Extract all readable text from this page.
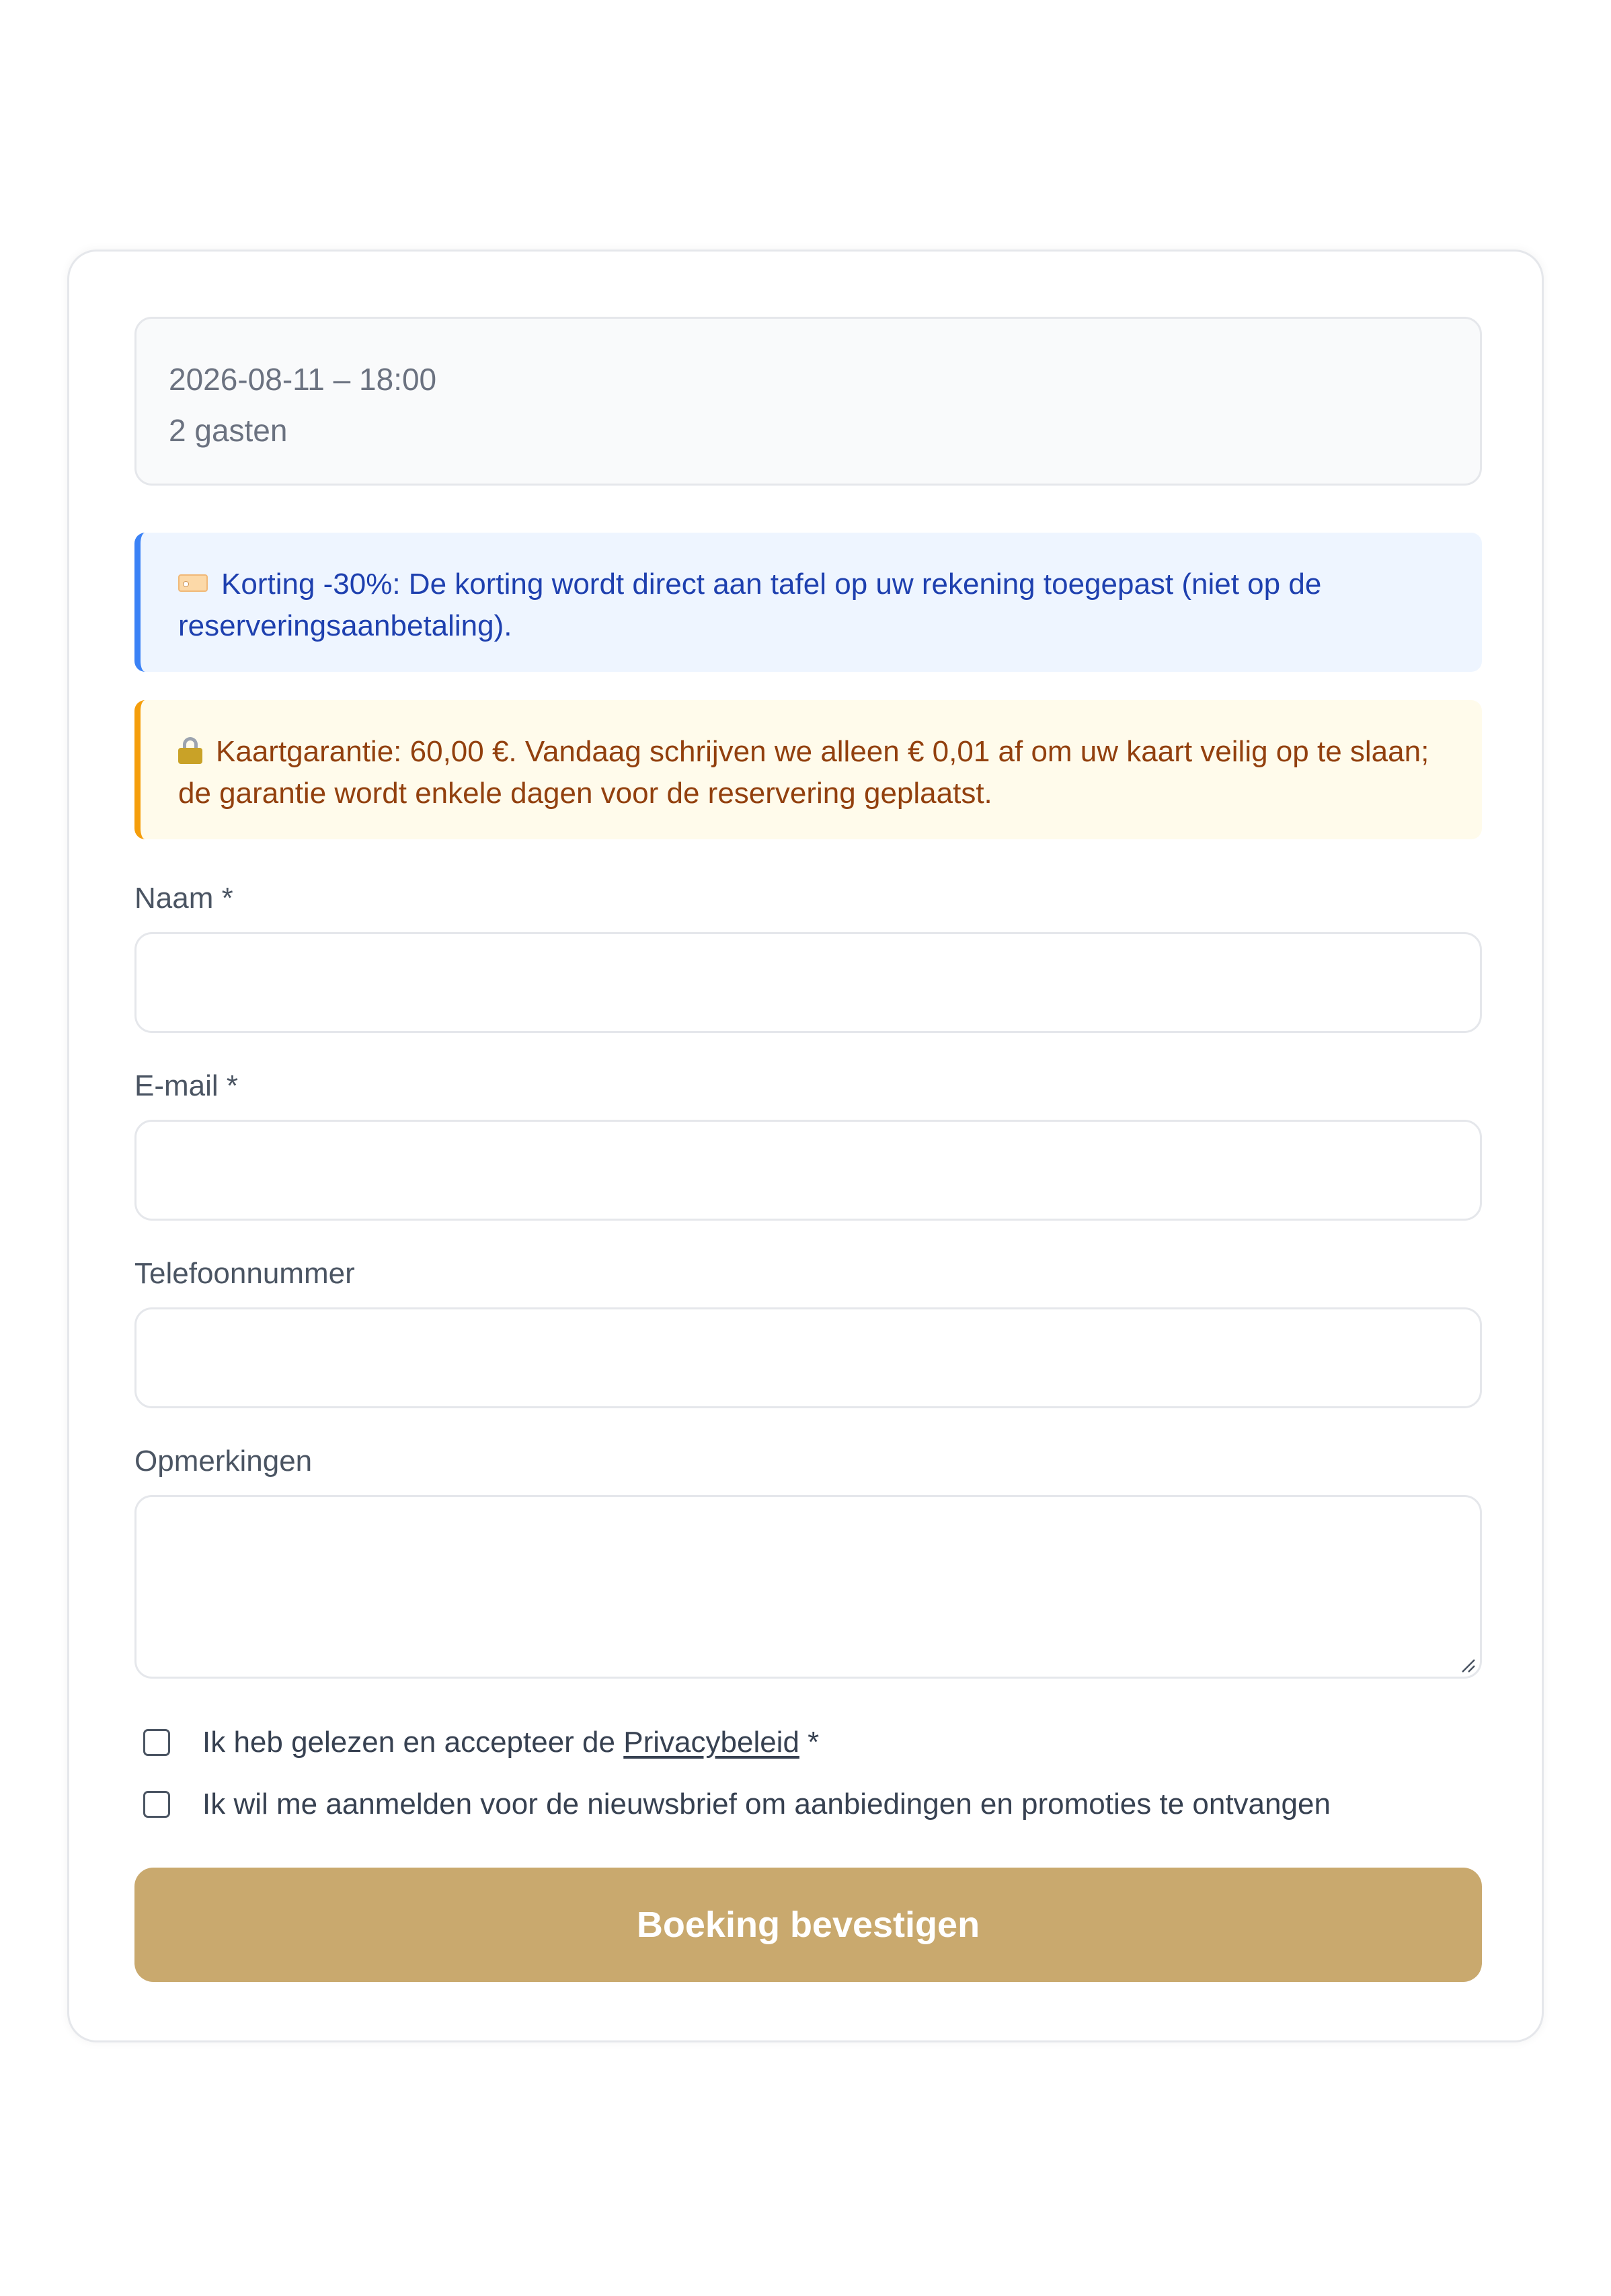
2026-08-11 – 18:00
2 gasten
Korting -30%: De korting wordt direct aan tafel op uw rekening toegepast (niet op de reserveringsaanbetaling).
Kaartgarantie: 60,00 €. Vandaag schrijven we alleen € 0,01 af om uw kaart veilig op te slaan; de garantie wordt enkele dagen voor de reservering geplaatst.
Naam *
E-mail *
Telefoonnummer
Opmerkingen
Ik heb gelezen en accepteer de Privacybeleid *
Ik wil me aanmelden voor de nieuwsbrief om aanbiedingen en promoties te ontvangen
Boeking bevestigen
